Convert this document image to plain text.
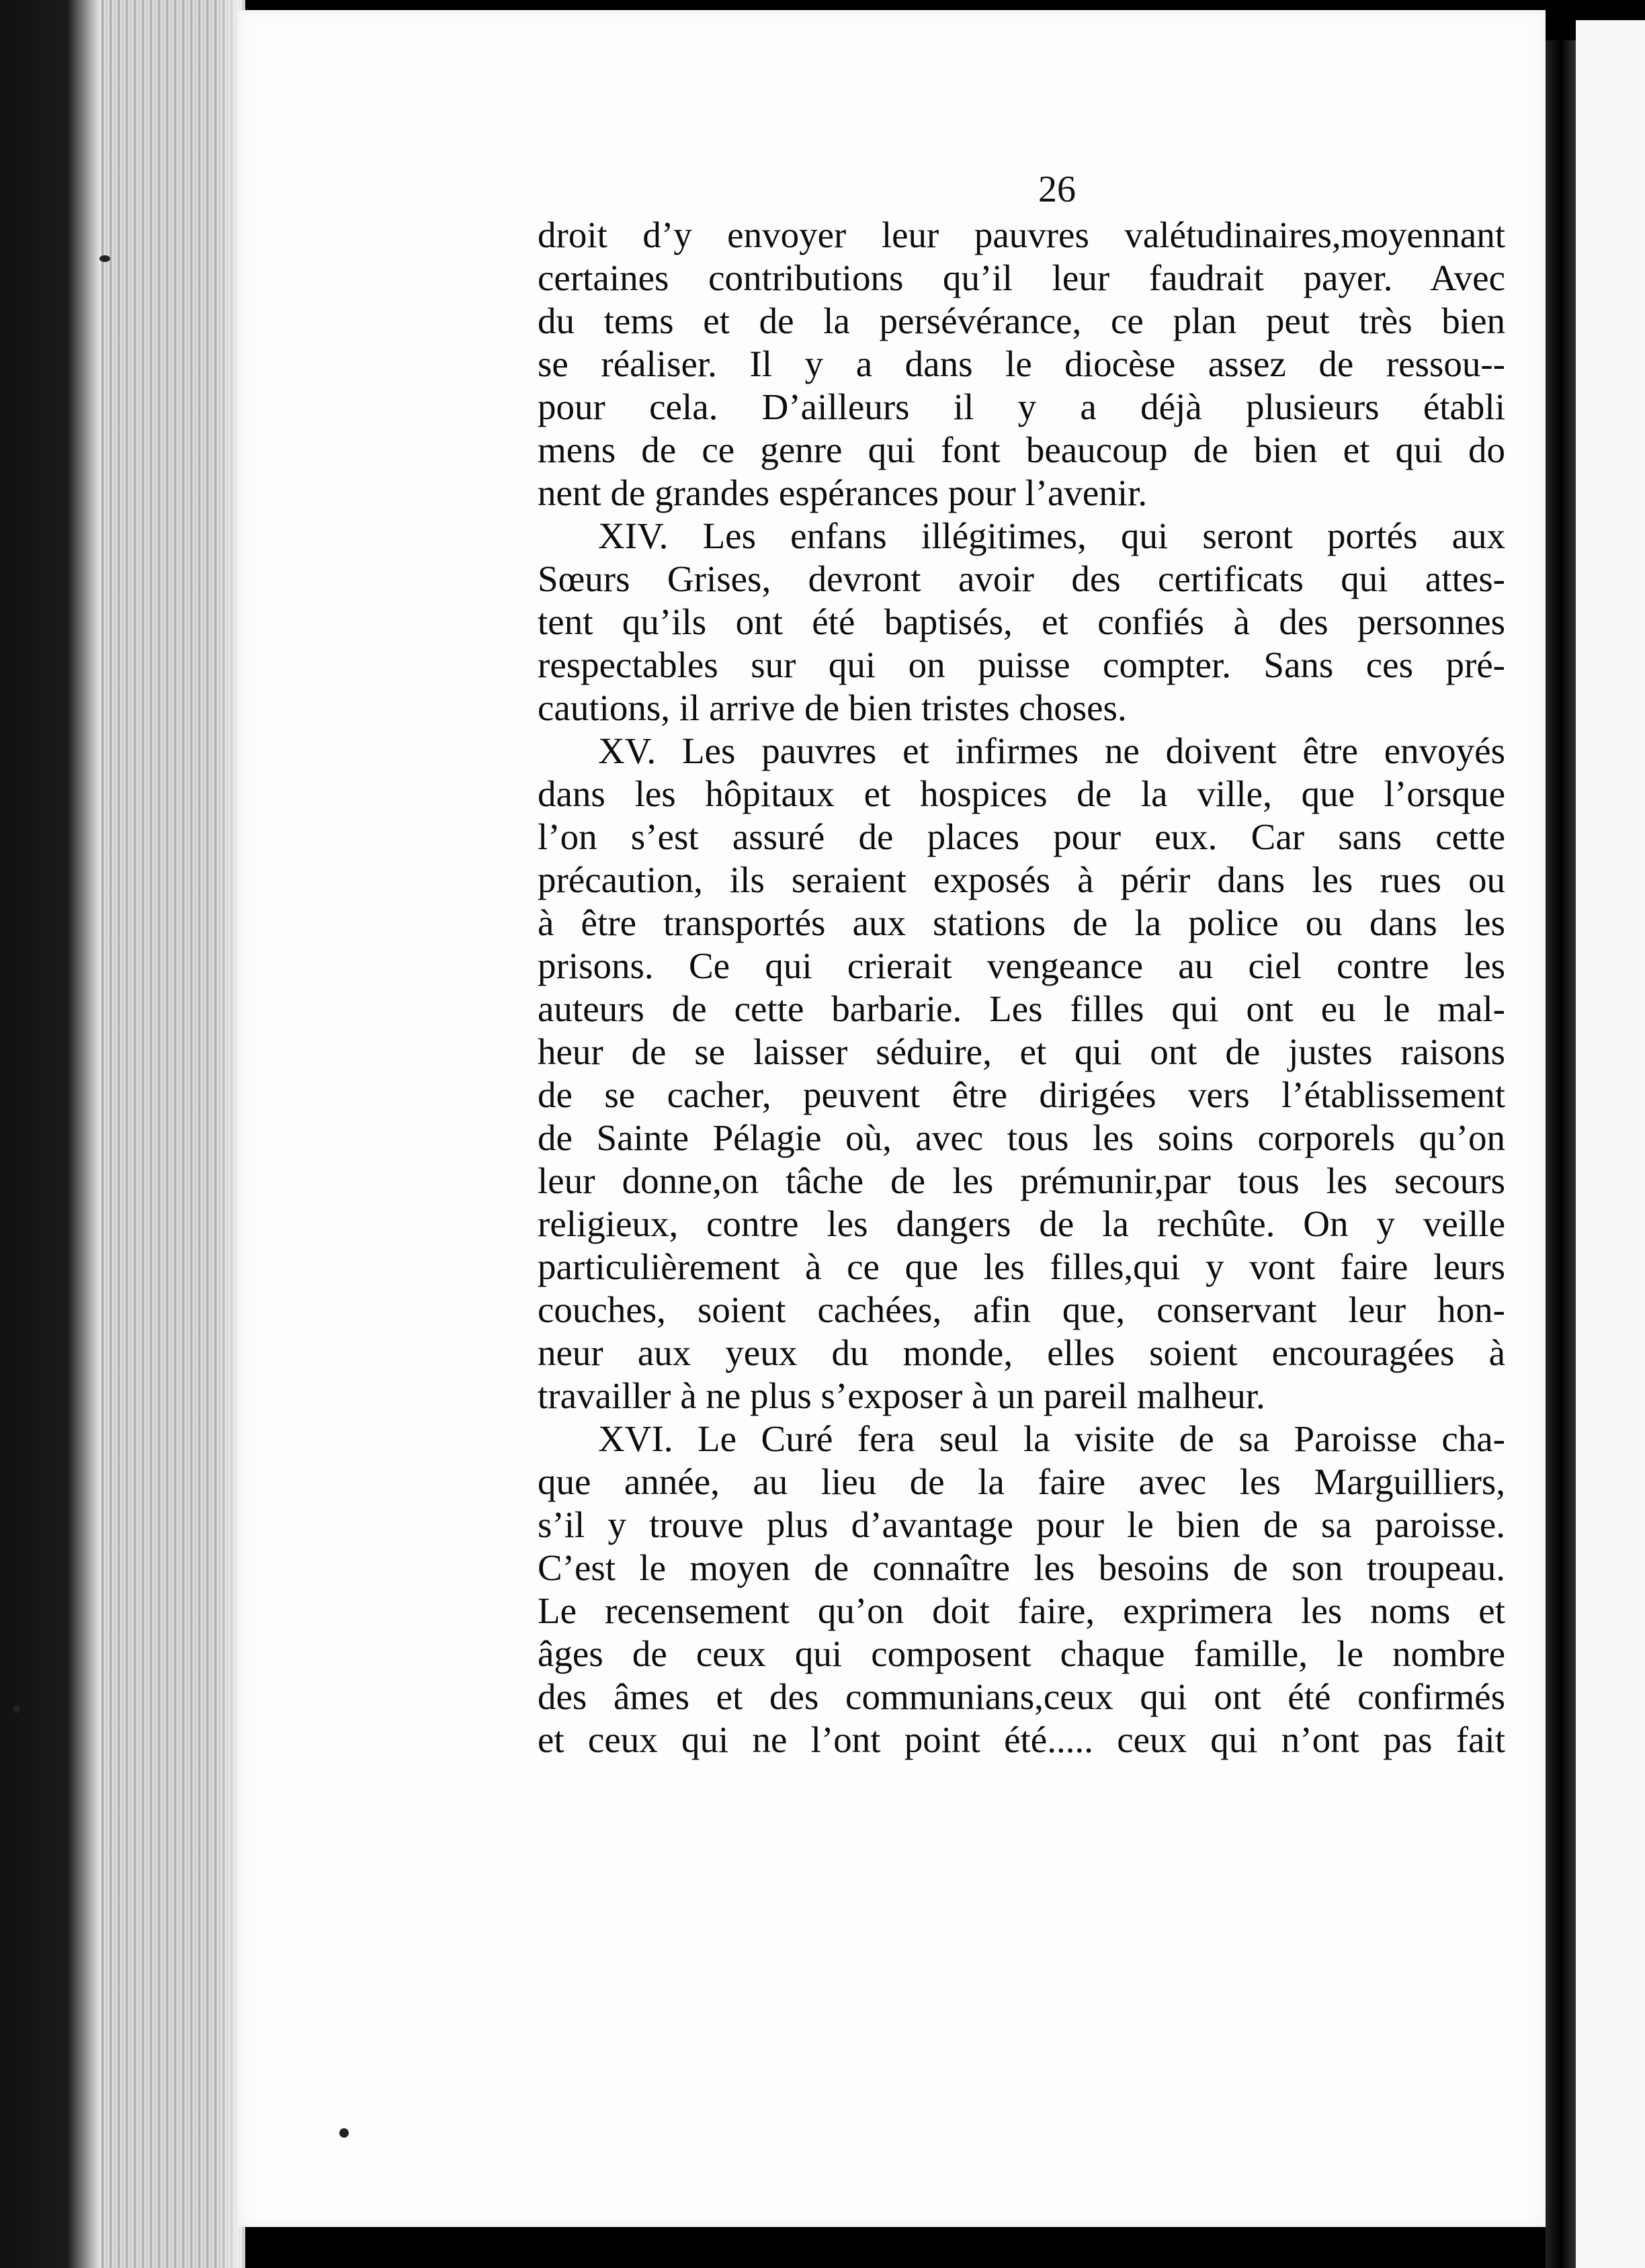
26
droit d’y envoyer leur pauvres valétudinaires,moyennant
certaines contributions qu’il leur faudrait payer. Avec
du tems et de la persévérance, ce plan peut très bien
se réaliser. Il y a dans le diocèse assez de ressou--
pour cela. D’ailleurs il y a déjà plusieurs établi
mens de ce genre qui font beaucoup de bien et qui do
nent de grandes espérances pour l’avenir.
XIV. Les enfans illégitimes, qui seront portés aux
Sœurs Grises, devront avoir des certificats qui attes-
tent qu’ils ont été baptisés, et confiés à des personnes
respectables sur qui on puisse compter. Sans ces pré-
cautions, il arrive de bien tristes choses.
XV. Les pauvres et infirmes ne doivent être envoyés
dans les hôpitaux et hospices de la ville, que l’orsque
l’on s’est assuré de places pour eux. Car sans cette
précaution, ils seraient exposés à périr dans les rues ou
à être transportés aux stations de la police ou dans les
prisons. Ce qui crierait vengeance au ciel contre les
auteurs de cette barbarie. Les filles qui ont eu le mal-
heur de se laisser séduire, et qui ont de justes raisons
de se cacher, peuvent être dirigées vers l’établissement
de Sainte Pélagie où, avec tous les soins corporels qu’on
leur donne,on tâche de les prémunir,par tous les secours
religieux, contre les dangers de la rechûte. On y veille
particulièrement à ce que les filles,qui y vont faire leurs
couches, soient cachées, afin que, conservant leur hon-
neur aux yeux du monde, elles soient encouragées à
travailler à ne plus s’exposer à un pareil malheur.
XVI. Le Curé fera seul la visite de sa Paroisse cha-
que année, au lieu de la faire avec les Marguilliers,
s’il y trouve plus d’avantage pour le bien de sa paroisse.
C’est le moyen de connaître les besoins de son troupeau.
Le recensement qu’on doit faire, exprimera les noms et
âges de ceux qui composent chaque famille, le nombre
des âmes et des communians,ceux qui ont été confirmés
et ceux qui ne l’ont point été..... ceux qui n’ont pas fait
